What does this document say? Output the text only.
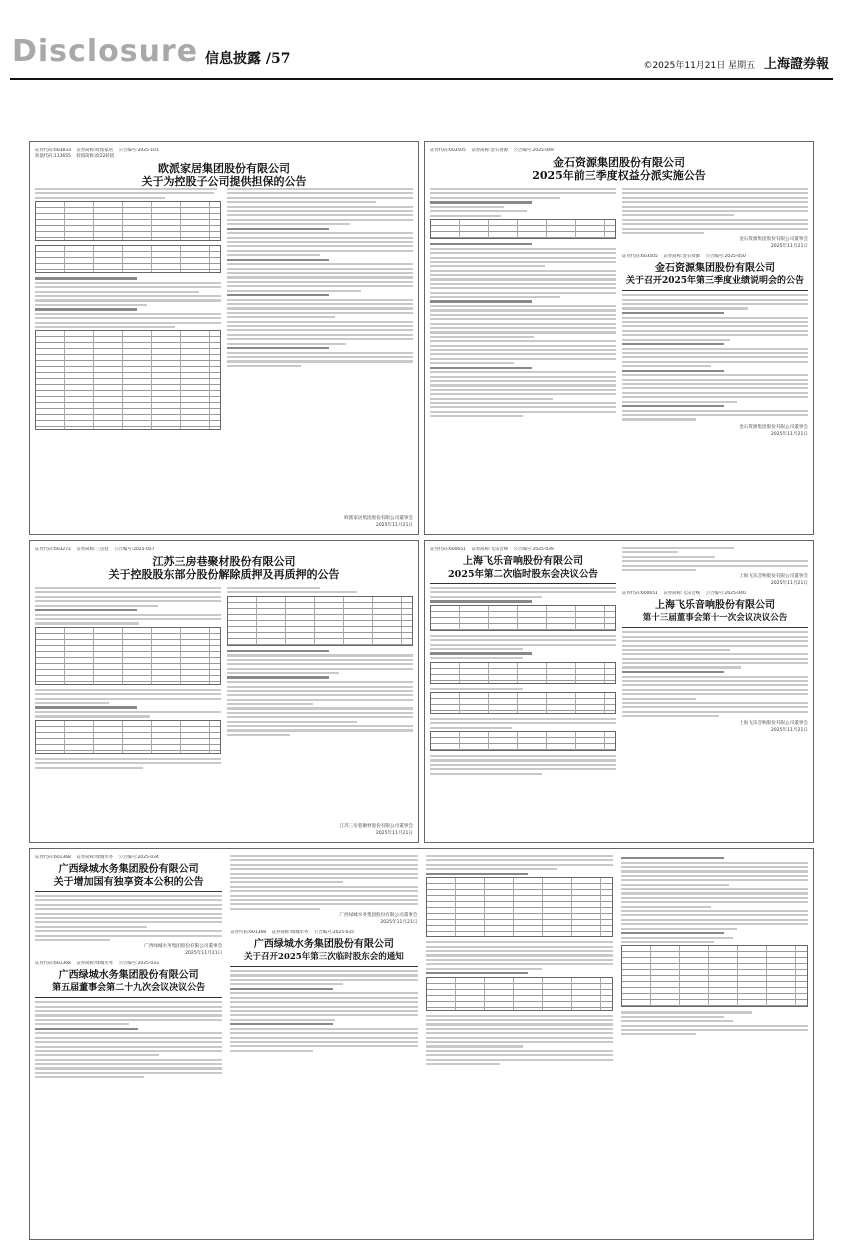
Disclosure 信息披露 /57	©2025年11月21日 星期五 上海證券報
证券代码:603833    证券简称:欧派家居    公告编号:2025-101
转债代码:113655    转债简称:欧22转债
欧派家居集团股份有限公司
关于为控股子公司提供担保的公告
欧派家居集团股份有限公司董事会
2025年11月21日
证券代码:603505    证券简称:金石资源    公告编号:2025-049
金石资源集团股份有限公司
2025年前三季度权益分派实施公告
金石资源集团股份有限公司董事会
2025年11月21日
证券代码:603505    证券简称:金石资源    公告编号:2025-050
金石资源集团股份有限公司
关于召开2025年第三季度业绩说明会的公告
金石资源集团股份有限公司董事会
2025年11月21日
证券代码:603272    证券简称:三房巷    公告编号:2025-057
江苏三房巷聚材股份有限公司
关于控股股东部分股份解除质押及再质押的公告
江苏三房巷聚材股份有限公司董事会
2025年11月21日
证券代码:600651    证券简称:飞乐音响    公告编号:2025-039
上海飞乐音响股份有限公司
2025年第二次临时股东会决议公告	上海飞乐音响股份有限公司董事会
2025年11月21日
证券代码:600651    证券简称:飞乐音响    公告编号:2025-040
上海飞乐音响股份有限公司
第十三届董事会第十一次会议决议公告
上海飞乐音响股份有限公司董事会
2025年11月21日
证券代码:601368    证券简称:绿城水务    公告编号:2025-034
广西绿城水务集团股份有限公司
关于增加国有独享资本公积的公告
广西绿城水务集团股份有限公司董事会
2025年11月21日
证券代码:601368    证券简称:绿城水务    公告编号:2025-033
广西绿城水务集团股份有限公司
第五届董事会第二十九次会议决议公告
广西绿城水务集团股份有限公司董事会
2025年11月21日
证券代码:601368    证券简称:绿城水务    公告编号:2025-035
广西绿城水务集团股份有限公司
关于召开2025年第三次临时股东会的通知
